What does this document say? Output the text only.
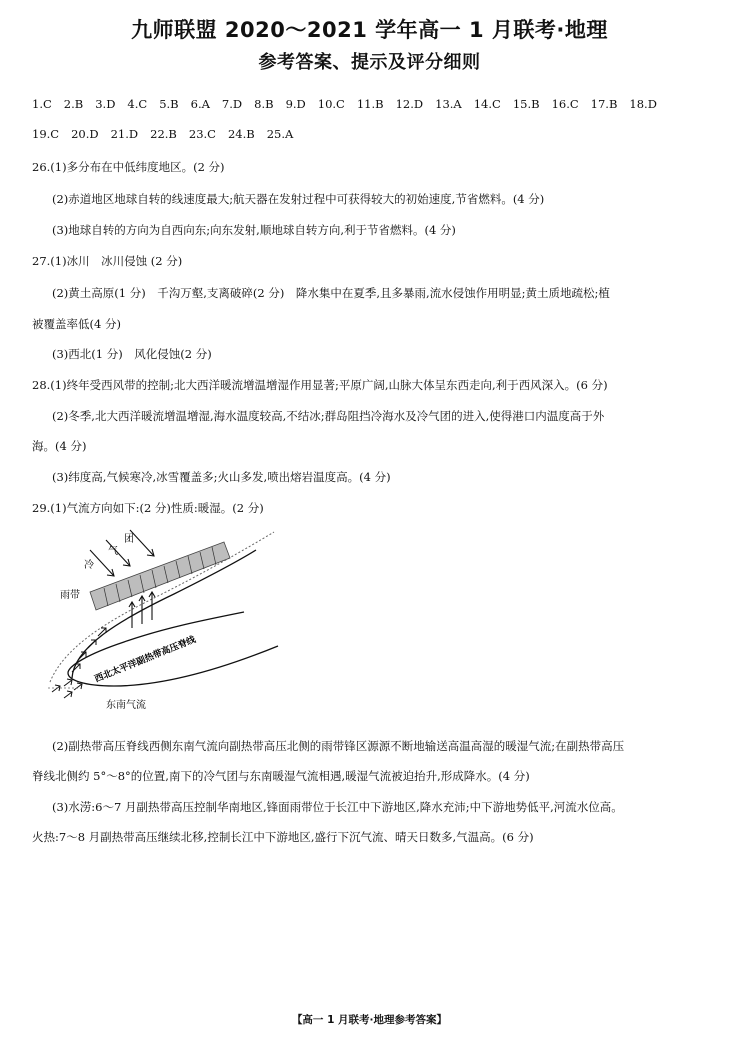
九师联盟 2020～2021 学年高一 1 月联考·地理
参考答案、提示及评分细则
1.C 2.B 3.D 4.C 5.B 6.A 7.D 8.B 9.D 10.C 11.B 12.D 13.A 14.C 15.B 16.C 17.B 18.D
19.C 20.D 21.D 22.B 23.C 24.B 25.A
26.(1)多分布在中低纬度地区。(2 分)
(2)赤道地区地球自转的线速度最大;航天器在发射过程中可获得较大的初始速度,节省燃料。(4 分)
(3)地球自转的方向为自西向东;向东发射,顺地球自转方向,利于节省燃料。(4 分)
27.(1)冰川　冰川侵蚀 (2 分)
(2)黄土高原(1 分)　千沟万壑,支离破碎(2 分)　降水集中在夏季,且多暴雨,流水侵蚀作用明显;黄土质地疏松;植
被覆盖率低(4 分)
(3)西北(1 分)　风化侵蚀(2 分)
28.(1)终年受西风带的控制;北大西洋暖流增温增湿作用显著;平原广阔,山脉大体呈东西走向,利于西风深入。(6 分)
(2)冬季,北大西洋暖流增温增湿,海水温度较高,不结冰;群岛阻挡冷海水及冷气团的进入,使得港口内温度高于外
海。(4 分)
(3)纬度高,气候寒冷,冰雪覆盖多;火山多发,喷出熔岩温度高。(4 分)
29.(1)气流方向如下:(2 分)性质:暖湿。(2 分)
冷
气
团
雨带
西北太平洋副热带高压脊线
东南气流
(2)副热带高压脊线西侧东南气流向副热带高压北侧的雨带锋区源源不断地输送高温高湿的暖湿气流;在副热带高压
脊线北侧约 5°～8°的位置,南下的冷气团与东南暖湿气流相遇,暖湿气流被迫抬升,形成降水。(4 分)
(3)水涝:6～7 月副热带高压控制华南地区,锋面雨带位于长江中下游地区,降水充沛;中下游地势低平,河流水位高。
火热:7～8 月副热带高压继续北移,控制长江中下游地区,盛行下沉气流、晴天日数多,气温高。(6 分)
【高一 1 月联考·地理参考答案】
